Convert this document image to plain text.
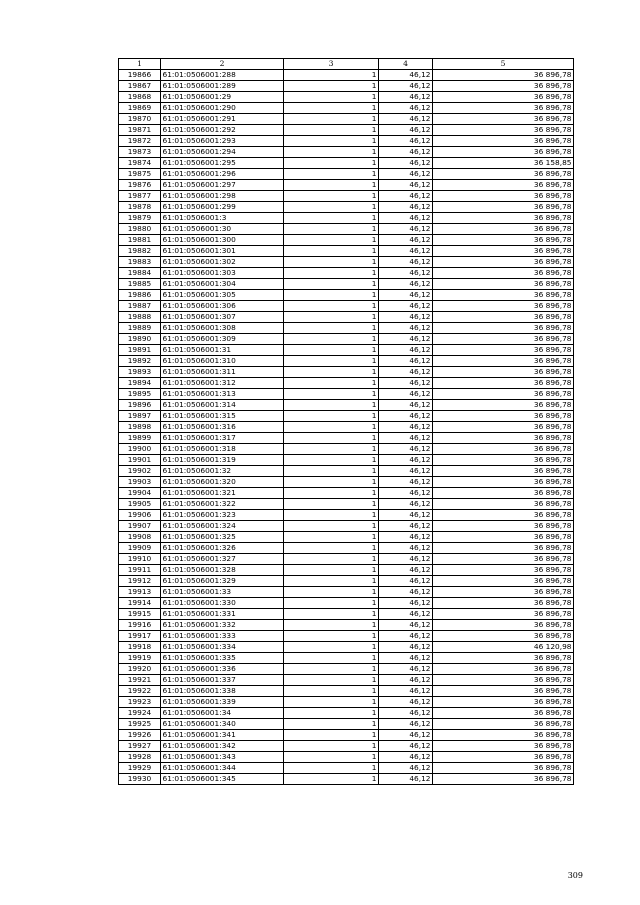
1	2	3	4	5
19866	61:01:0506001:288	1	46,12	36 896,78
19867	61:01:0506001:289	1	46,12	36 896,78
19868	61:01:0506001:29	1	46,12	36 896,78
19869	61:01:0506001:290	1	46,12	36 896,78
19870	61:01:0506001:291	1	46,12	36 896,78
19871	61:01:0506001:292	1	46,12	36 896,78
19872	61:01:0506001:293	1	46,12	36 896,78
19873	61:01:0506001:294	1	46,12	36 896,78
19874	61:01:0506001:295	1	46,12	36 158,85
19875	61:01:0506001:296	1	46,12	36 896,78
19876	61:01:0506001:297	1	46,12	36 896,78
19877	61:01:0506001:298	1	46,12	36 896,78
19878	61:01:0506001:299	1	46,12	36 896,78
19879	61:01:0506001:3	1	46,12	36 896,78
19880	61:01:0506001:30	1	46,12	36 896,78
19881	61:01:0506001:300	1	46,12	36 896,78
19882	61:01:0506001:301	1	46,12	36 896,78
19883	61:01:0506001:302	1	46,12	36 896,78
19884	61:01:0506001:303	1	46,12	36 896,78
19885	61:01:0506001:304	1	46,12	36 896,78
19886	61:01:0506001:305	1	46,12	36 896,78
19887	61:01:0506001:306	1	46,12	36 896,78
19888	61:01:0506001:307	1	46,12	36 896,78
19889	61:01:0506001:308	1	46,12	36 896,78
19890	61:01:0506001:309	1	46,12	36 896,78
19891	61:01:0506001:31	1	46,12	36 896,78
19892	61:01:0506001:310	1	46,12	36 896,78
19893	61:01:0506001:311	1	46,12	36 896,78
19894	61:01:0506001:312	1	46,12	36 896,78
19895	61:01:0506001:313	1	46,12	36 896,78
19896	61:01:0506001:314	1	46,12	36 896,78
19897	61:01:0506001:315	1	46,12	36 896,78
19898	61:01:0506001:316	1	46,12	36 896,78
19899	61:01:0506001:317	1	46,12	36 896,78
19900	61:01:0506001:318	1	46,12	36 896,78
19901	61:01:0506001:319	1	46,12	36 896,78
19902	61:01:0506001:32	1	46,12	36 896,78
19903	61:01:0506001:320	1	46,12	36 896,78
19904	61:01:0506001:321	1	46,12	36 896,78
19905	61:01:0506001:322	1	46,12	36 896,78
19906	61:01:0506001:323	1	46,12	36 896,78
19907	61:01:0506001:324	1	46,12	36 896,78
19908	61:01:0506001:325	1	46,12	36 896,78
19909	61:01:0506001:326	1	46,12	36 896,78
19910	61:01:0506001:327	1	46,12	36 896,78
19911	61:01:0506001:328	1	46,12	36 896,78
19912	61:01:0506001:329	1	46,12	36 896,78
19913	61:01:0506001:33	1	46,12	36 896,78
19914	61:01:0506001:330	1	46,12	36 896,78
19915	61:01:0506001:331	1	46,12	36 896,78
19916	61:01:0506001:332	1	46,12	36 896,78
19917	61:01:0506001:333	1	46,12	36 896,78
19918	61:01:0506001:334	1	46,12	46 120,98
19919	61:01:0506001:335	1	46,12	36 896,78
19920	61:01:0506001:336	1	46,12	36 896,78
19921	61:01:0506001:337	1	46,12	36 896,78
19922	61:01:0506001:338	1	46,12	36 896,78
19923	61:01:0506001:339	1	46,12	36 896,78
19924	61:01:0506001:34	1	46,12	36 896,78
19925	61:01:0506001:340	1	46,12	36 896,78
19926	61:01:0506001:341	1	46,12	36 896,78
19927	61:01:0506001:342	1	46,12	36 896,78
19928	61:01:0506001:343	1	46,12	36 896,78
19929	61:01:0506001:344	1	46,12	36 896,78
19930	61:01:0506001:345	1	46,12	36 896,78
309
